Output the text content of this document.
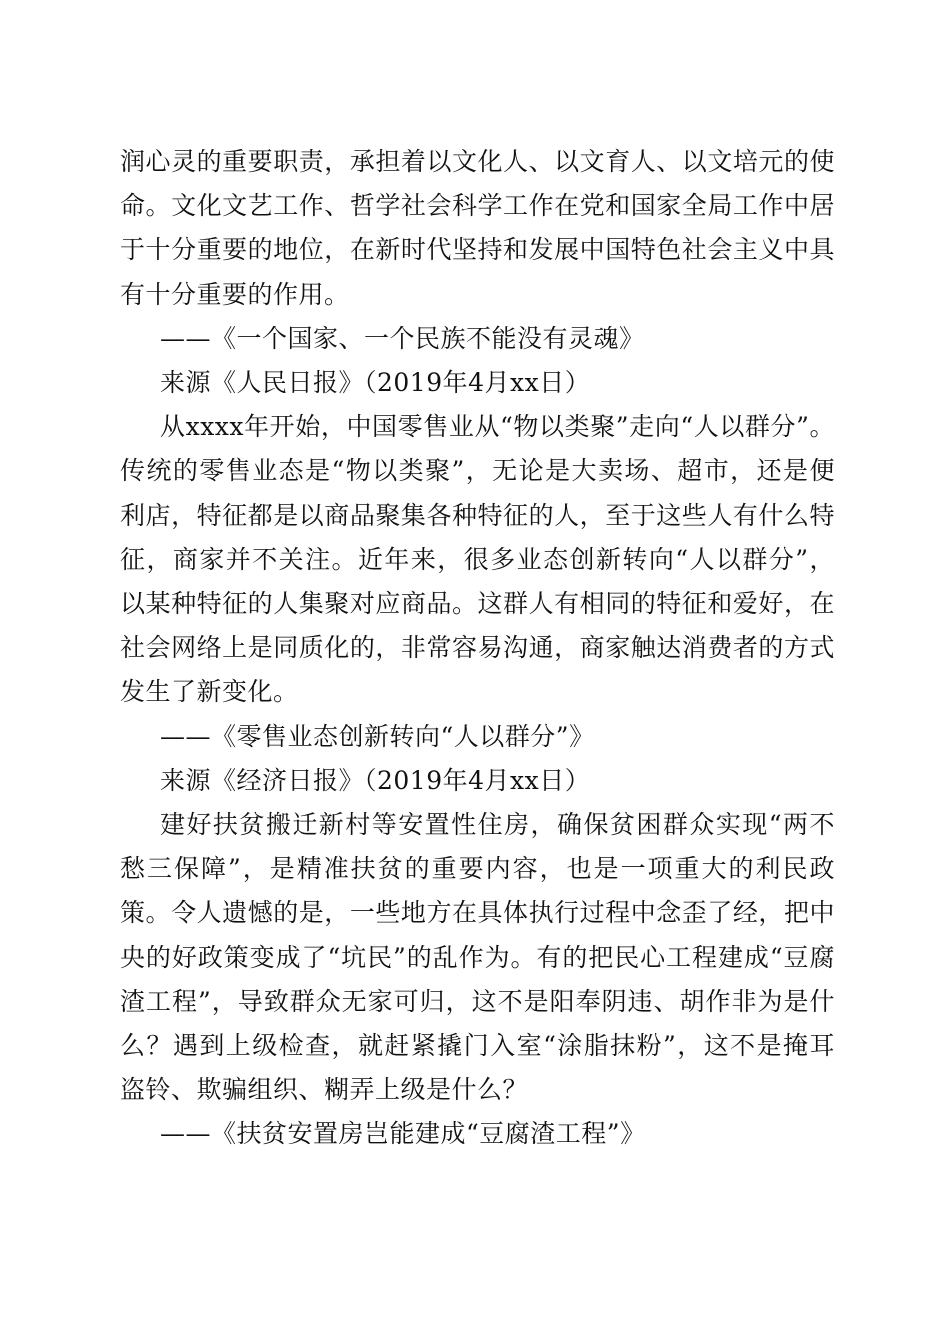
润心灵的重要职责，承担着以文化人、以文育人、以文培元的使命。文化文艺工作、哲学社会科学工作在党和国家全局工作中居于十分重要的地位，在新时代坚持和发展中国特色社会主义中具有十分重要的作用。

——《一个国家、一个民族不能没有灵魂》

来源《人民日报》（2019年4月xx日）

从xxxx年开始，中国零售业从“物以类聚”走向“人以群分”。传统的零售业态是“物以类聚”，无论是大卖场、超市，还是便利店，特征都是以商品聚集各种特征的人，至于这些人有什么特征，商家并不关注。近年来，很多业态创新转向“人以群分”，以某种特征的人集聚对应商品。这群人有相同的特征和爱好，在社会网络上是同质化的，非常容易沟通，商家触达消费者的方式发生了新变化。

——《零售业态创新转向“人以群分”》

来源《经济日报》（2019年4月xx日）

建好扶贫搬迁新村等安置性住房，确保贫困群众实现“两不愁三保障”，是精准扶贫的重要内容，也是一项重大的利民政策。令人遗憾的是，一些地方在具体执行过程中念歪了经，把中央的好政策变成了“坑民”的乱作为。有的把民心工程建成“豆腐渣工程”，导致群众无家可归，这不是阳奉阴违、胡作非为是什么？遇到上级检查，就赶紧撬门入室“涂脂抹粉”，这不是掩耳盗铃、欺骗组织、糊弄上级是什么？

——《扶贫安置房岂能建成“豆腐渣工程”》
